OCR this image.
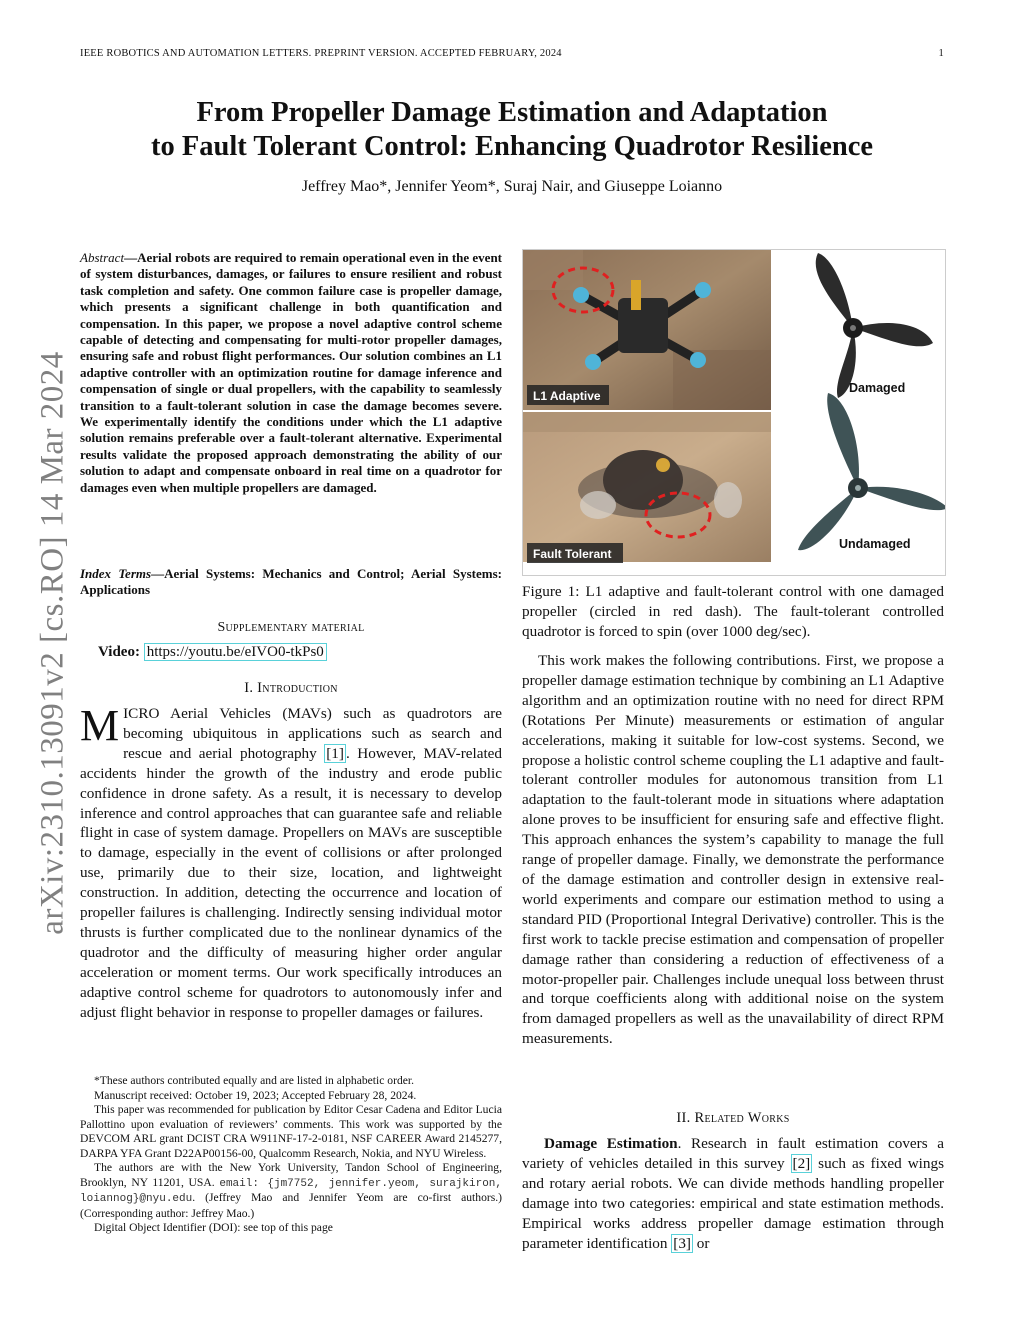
IEEE ROBOTICS AND AUTOMATION LETTERS. PREPRINT VERSION. ACCEPTED FEBRUARY, 2024	1
arXiv:2310.13091v2 [cs.RO] 14 Mar 2024
From Propeller Damage Estimation and Adaptation
to Fault Tolerant Control: Enhancing Quadrotor Resilience
Jeffrey Mao*, Jennifer Yeom*, Suraj Nair, and Giuseppe Loianno
Abstract—Aerial robots are required to remain operational even in the event of system disturbances, damages, or failures to ensure resilient and robust task completion and safety. One common failure case is propeller damage, which presents a significant challenge in both quantification and compensation. In this paper, we propose a novel adaptive control scheme capable of detecting and compensating for multi-rotor propeller damages, ensuring safe and robust flight performances. Our solution combines an L1 adaptive controller with an optimization routine for damage inference and compensation of single or dual propellers, with the capability to seamlessly transition to a fault-tolerant solution in case the damage becomes severe. We experimentally identify the conditions under which the L1 adaptive solution remains preferable over a fault-tolerant alternative. Experimental results validate the proposed approach demonstrating the ability of our solution to adapt and compensate onboard in real time on a quadrotor for damages even when multiple propellers are damaged.
Index Terms—Aerial Systems: Mechanics and Control; Aerial Systems: Applications
Supplementary material
Video: https://youtu.be/eIVO0-tkPs0
I. Introduction
MICRO Aerial Vehicles (MAVs) such as quadrotors are becoming ubiquitous in applications such as search and rescue and aerial photography [1] . However, MAV-related accidents hinder the growth of the industry and erode public confidence in drone safety. As a result, it is necessary to develop inference and control approaches that can guarantee safe and reliable flight in case of system damage. Propellers on MAVs are susceptible to damage, especially in the event of collisions or after prolonged use, primarily due to their size, location, and lightweight construction. In addition, detecting the occurrence and location of propeller failures is challenging. Indirectly sensing individual motor thrusts is further complicated due to the nonlinear dynamics of the quadrotor and the difficulty of measuring higher order angular acceleration or moment terms. Our work specifically introduces an adaptive control scheme for quadrotors to autonomously infer and adjust flight behavior in response to propeller damages or failures.

*These authors contributed equally and are listed in alphabetic order.

Manuscript received: October 19, 2023; Accepted February 28, 2024.

This paper was recommended for publication by Editor Cesar Cadena and Editor Lucia Pallottino upon evaluation of reviewers’ comments. This work was supported by the DEVCOM ARL grant DCIST CRA W911NF-17-2-0181, NSF CAREER Award 2145277, DARPA YFA Grant D22AP00156-00, Qualcomm Research, Nokia, and NYU Wireless.

The authors are with the New York University, Tandon School of Engineering, Brooklyn, NY 11201, USA. email: {jm7752, jennifer.yeom, surajkiron, loiannog}@nyu.edu. (Jeffrey Mao and Jennifer Yeom are co-first authors.) (Corresponding author: Jeffrey Mao.)

Digital Object Identifier (DOI): see top of this page

L1 Adaptive
Fault Tolerant
Damaged
Undamaged
Figure 1: L1 adaptive and fault-tolerant control with one damaged propeller (circled in red dash). The fault-tolerant controlled quadrotor is forced to spin (over 1000 deg/sec).

This work makes the following contributions. First, we propose a propeller damage estimation technique by combining an L1 Adaptive algorithm and an optimization routine with no need for direct RPM (Rotations Per Minute) measurements or estimation of angular accelerations, making it suitable for low-cost systems. Second, we propose a holistic control scheme coupling the L1 adaptive and fault-tolerant controller modules for autonomous transition from L1 adaptation to the fault-tolerant mode in situations where adaptation alone proves to be insufficient for ensuring safe and effective flight. This approach enhances the system’s capability to manage the full range of propeller damage. Finally, we demonstrate the performance of the damage estimation and controller design in extensive real-world experiments and compare our estimation method to using a standard PID (Proportional Integral Derivative) controller. This is the first work to tackle precise estimation and compensation of propeller damage rather than considering a reduction of effectiveness of a motor-propeller pair. Challenges include unequal loss between thrust and torque coefficients along with additional noise on the system from damaged propellers as well as the unavailability of direct RPM measurements.

II. Related Works

Damage Estimation. Research in fault estimation covers a variety of vehicles detailed in this survey [2] such as fixed wings and rotary aerial robots. We can divide methods handling propeller damage into two categories: empirical and state estimation methods. Empirical works address propeller damage estimation through parameter identification [3] or
